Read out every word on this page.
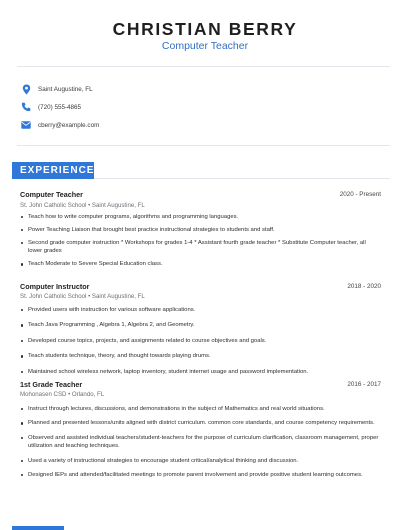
CHRISTIAN BERRY
Computer Teacher
Saint Augustine, FL
(720) 555-4865
cberry@example.com
EXPERIENCE
Computer Teacher	2020 - Present
St. John Catholic School • Saint Augustine, FL
Teach how to write computer programs, algorithms and programming languages.
Power Teaching Liaison that brought best practice instructional strategies to students and staff.
Second grade computer instruction * Workshops for grades 1-4 * Assistant fourth grade teacher * Substitute Computer teacher, all lower grades
Teach Moderate to Severe Special Education class.
Computer Instructor	2018 - 2020
St. John Catholic School • Saint Augustine, FL
Provided users with instruction for various software applications.
Teach Java Programming , Algebra 1, Algebra 2, and Geometry.
Developed course topics, projects, and assignments related to course objectives and goals.
Teach students technique, theory, and thought towards playing drums.
Maintained school wireless network, laptop inventory, student internet usage and password implementation.
1st Grade Teacher	2016 - 2017
Mohonasen CSD • Orlando, FL
Instruct through lectures, discussions, and demonstrations in the subject of Mathematics and real world situations.
Planned and presented lessons/units aligned with district curriculum. common core standards, and course competency requirements.
Observed and assisted individual teachers/student-teachers for the purpose of curriculum clarification, classroom management, proper utilization and teaching techniques.
Used a variety of instructional strategies to encourage student critical/analytical thinking and discussion.
Designed IEPs and attended/facilitated meetings to promote parent involvement and provide positive student learning outcomes.
